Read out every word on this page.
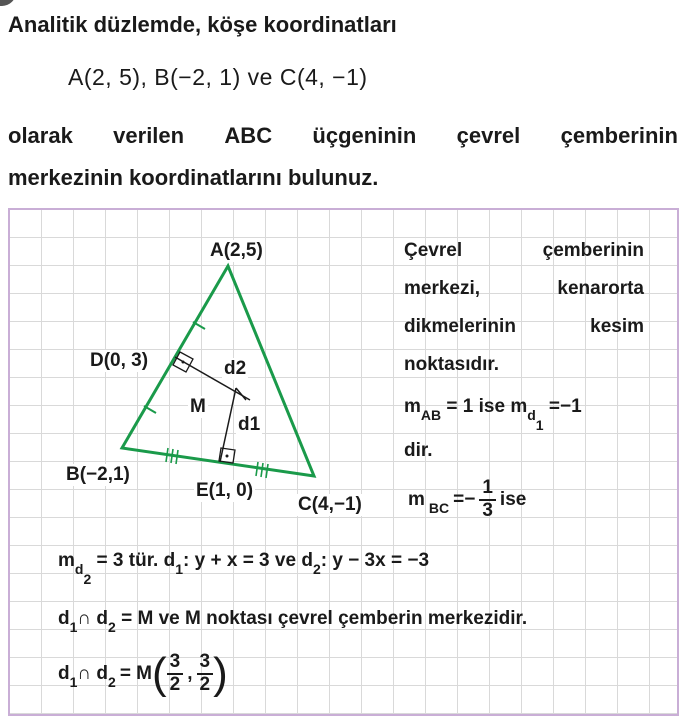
Analitik düzlemde, köşe koordinatları
A(2, 5), B(−2, 1) ve C(4, −1)
olarak verilen ABC üçgeninin çevrel çemberinin
merkezinin koordinatlarını bulunuz.
A(2,5)
D(0, 3)
M
d2
d1
B(−2,1)
E(1, 0)
C(4,−1)
Çevrel	çemberinin
merkezi,	kenarorta
dikmelerinin	kesim
noktasıdır.
$m_{AB} = 1$ ise $m_{d1} =-1$
dir.
m BC =− $\frac{1}{3}$ ise
$m_{d2} = 3$ tür. $d_1$: y + x = 3 ve $d_2$: y − 3x = −3
$d_1\cap$ $d_2 = M$ ve M noktası çevrel çemberin merkezidir.
d 1 ∩ d 2 = M ( $\frac{3}{2}$ , $\frac{3}{2}$ )
